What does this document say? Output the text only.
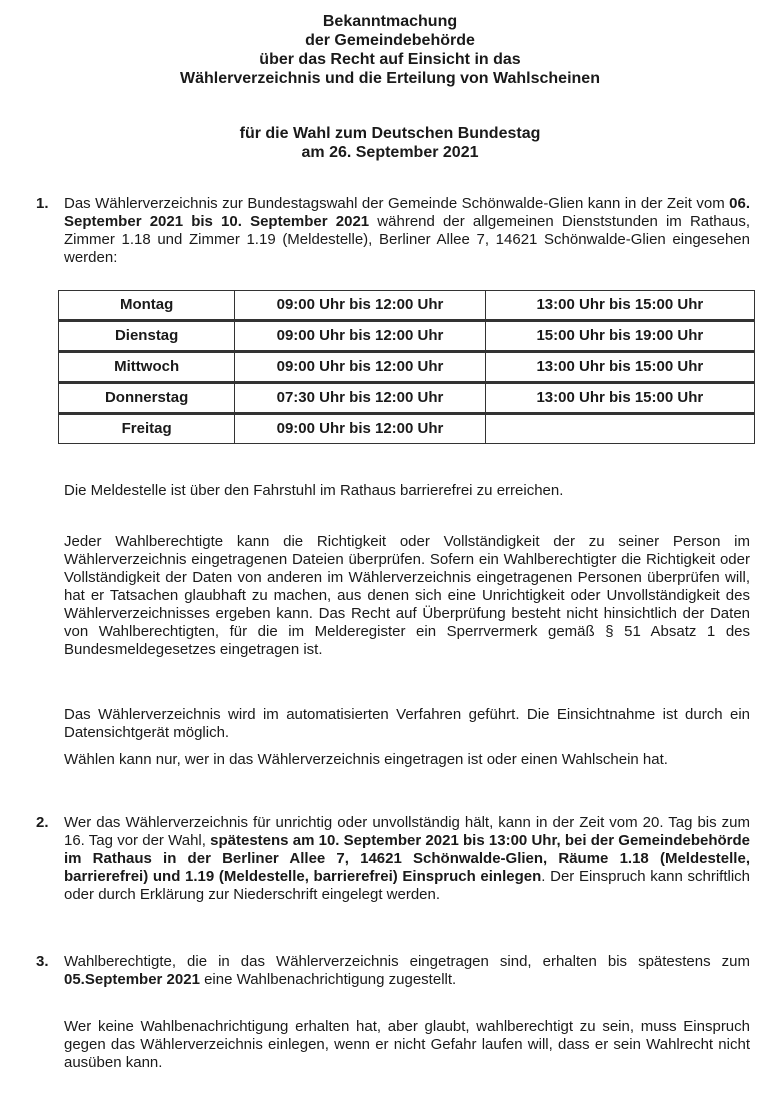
Bekanntmachung
der Gemeindebehörde
über das Recht auf Einsicht in das
Wählerverzeichnis und die Erteilung von Wahlscheinen
für die Wahl zum Deutschen Bundestag
am 26. September 2021
1. Das Wählerverzeichnis zur Bundestagswahl der Gemeinde Schönwalde-Glien kann in der Zeit vom 06. September 2021 bis 10. September 2021 während der allgemeinen Dienststunden im Rathaus, Zimmer 1.18 und Zimmer 1.19 (Meldestelle), Berliner Allee 7, 14621 Schönwalde-Glien eingesehen werden:
Montag	09:00 Uhr bis 12:00 Uhr	13:00 Uhr bis 15:00 Uhr
Dienstag	09:00 Uhr bis 12:00 Uhr	15:00 Uhr bis 19:00 Uhr
Mittwoch	09:00 Uhr bis 12:00 Uhr	13:00 Uhr bis 15:00 Uhr
Donnerstag	07:30 Uhr bis 12:00 Uhr	13:00 Uhr bis 15:00 Uhr
Freitag	09:00 Uhr bis 12:00 Uhr	
Die Meldestelle ist über den Fahrstuhl im Rathaus barrierefrei zu erreichen.
Jeder Wahlberechtigte kann die Richtigkeit oder Vollständigkeit der zu seiner Person im Wählerverzeichnis eingetragenen Dateien überprüfen. Sofern ein Wahlberechtigter die Richtigkeit oder Vollständigkeit der Daten von anderen im Wählerverzeichnis eingetragenen Personen überprüfen will, hat er Tatsachen glaubhaft zu machen, aus denen sich eine Unrichtigkeit oder Unvollständigkeit des Wählerverzeichnisses ergeben kann. Das Recht auf Überprüfung besteht nicht hinsichtlich der Daten von Wahlberechtigten, für die im Melderegister ein Sperrvermerk gemäß § 51 Absatz 1 des Bundesmeldegesetzes eingetragen ist.
Das Wählerverzeichnis wird im automatisierten Verfahren geführt. Die Einsichtnahme ist durch ein Datensichtgerät möglich.
Wählen kann nur, wer in das Wählerverzeichnis eingetragen ist oder einen Wahlschein hat.
2. Wer das Wählerverzeichnis für unrichtig oder unvollständig hält, kann in der Zeit vom 20. Tag bis zum 16. Tag vor der Wahl, spätestens am 10. September 2021 bis 13:00 Uhr, bei der Gemeindebehörde im Rathaus in der Berliner Allee 7, 14621 Schönwalde-Glien, Räume 1.18 (Meldestelle, barrierefrei) und 1.19 (Meldestelle, barrierefrei) Einspruch einlegen. Der Einspruch kann schriftlich oder durch Erklärung zur Niederschrift eingelegt werden.
3. Wahlberechtigte, die in das Wählerverzeichnis eingetragen sind, erhalten bis spätestens zum 05.September 2021 eine Wahlbenachrichtigung zugestellt.
Wer keine Wahlbenachrichtigung erhalten hat, aber glaubt, wahlberechtigt zu sein, muss Einspruch gegen das Wählerverzeichnis einlegen, wenn er nicht Gefahr laufen will, dass er sein Wahlrecht nicht ausüben kann.
